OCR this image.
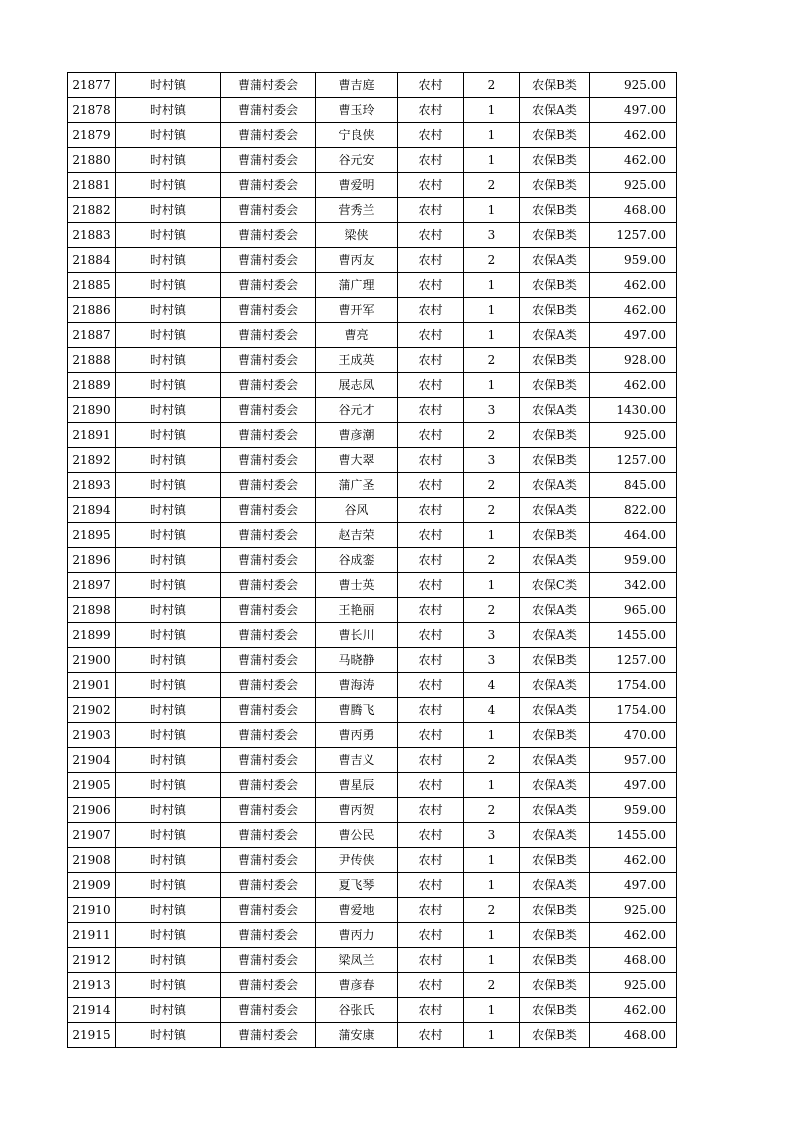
21877	时村镇	曹蒲村委会	曹吉庭	农村	2	农保B类	925.00
21878	时村镇	曹蒲村委会	曹玉玲	农村	1	农保A类	497.00
21879	时村镇	曹蒲村委会	宁良侠	农村	1	农保B类	462.00
21880	时村镇	曹蒲村委会	谷元安	农村	1	农保B类	462.00
21881	时村镇	曹蒲村委会	曹爱明	农村	2	农保B类	925.00
21882	时村镇	曹蒲村委会	营秀兰	农村	1	农保B类	468.00
21883	时村镇	曹蒲村委会	梁侠	农村	3	农保B类	1257.00
21884	时村镇	曹蒲村委会	曹丙友	农村	2	农保A类	959.00
21885	时村镇	曹蒲村委会	蒲广理	农村	1	农保B类	462.00
21886	时村镇	曹蒲村委会	曹开军	农村	1	农保B类	462.00
21887	时村镇	曹蒲村委会	曹亮	农村	1	农保A类	497.00
21888	时村镇	曹蒲村委会	王成英	农村	2	农保B类	928.00
21889	时村镇	曹蒲村委会	展志凤	农村	1	农保B类	462.00
21890	时村镇	曹蒲村委会	谷元才	农村	3	农保A类	1430.00
21891	时村镇	曹蒲村委会	曹彦潮	农村	2	农保B类	925.00
21892	时村镇	曹蒲村委会	曹大翠	农村	3	农保B类	1257.00
21893	时村镇	曹蒲村委会	蒲广圣	农村	2	农保A类	845.00
21894	时村镇	曹蒲村委会	谷风	农村	2	农保A类	822.00
21895	时村镇	曹蒲村委会	赵吉荣	农村	1	农保B类	464.00
21896	时村镇	曹蒲村委会	谷成銮	农村	2	农保A类	959.00
21897	时村镇	曹蒲村委会	曹士英	农村	1	农保C类	342.00
21898	时村镇	曹蒲村委会	王艳丽	农村	2	农保A类	965.00
21899	时村镇	曹蒲村委会	曹长川	农村	3	农保A类	1455.00
21900	时村镇	曹蒲村委会	马晓静	农村	3	农保B类	1257.00
21901	时村镇	曹蒲村委会	曹海涛	农村	4	农保A类	1754.00
21902	时村镇	曹蒲村委会	曹腾飞	农村	4	农保A类	1754.00
21903	时村镇	曹蒲村委会	曹丙勇	农村	1	农保B类	470.00
21904	时村镇	曹蒲村委会	曹吉义	农村	2	农保A类	957.00
21905	时村镇	曹蒲村委会	曹星辰	农村	1	农保A类	497.00
21906	时村镇	曹蒲村委会	曹丙贺	农村	2	农保A类	959.00
21907	时村镇	曹蒲村委会	曹公民	农村	3	农保A类	1455.00
21908	时村镇	曹蒲村委会	尹传侠	农村	1	农保B类	462.00
21909	时村镇	曹蒲村委会	夏飞琴	农村	1	农保A类	497.00
21910	时村镇	曹蒲村委会	曹爱地	农村	2	农保B类	925.00
21911	时村镇	曹蒲村委会	曹丙力	农村	1	农保B类	462.00
21912	时村镇	曹蒲村委会	梁凤兰	农村	1	农保B类	468.00
21913	时村镇	曹蒲村委会	曹彦春	农村	2	农保B类	925.00
21914	时村镇	曹蒲村委会	谷张氏	农村	1	农保B类	462.00
21915	时村镇	曹蒲村委会	蒲安康	农村	1	农保B类	468.00
